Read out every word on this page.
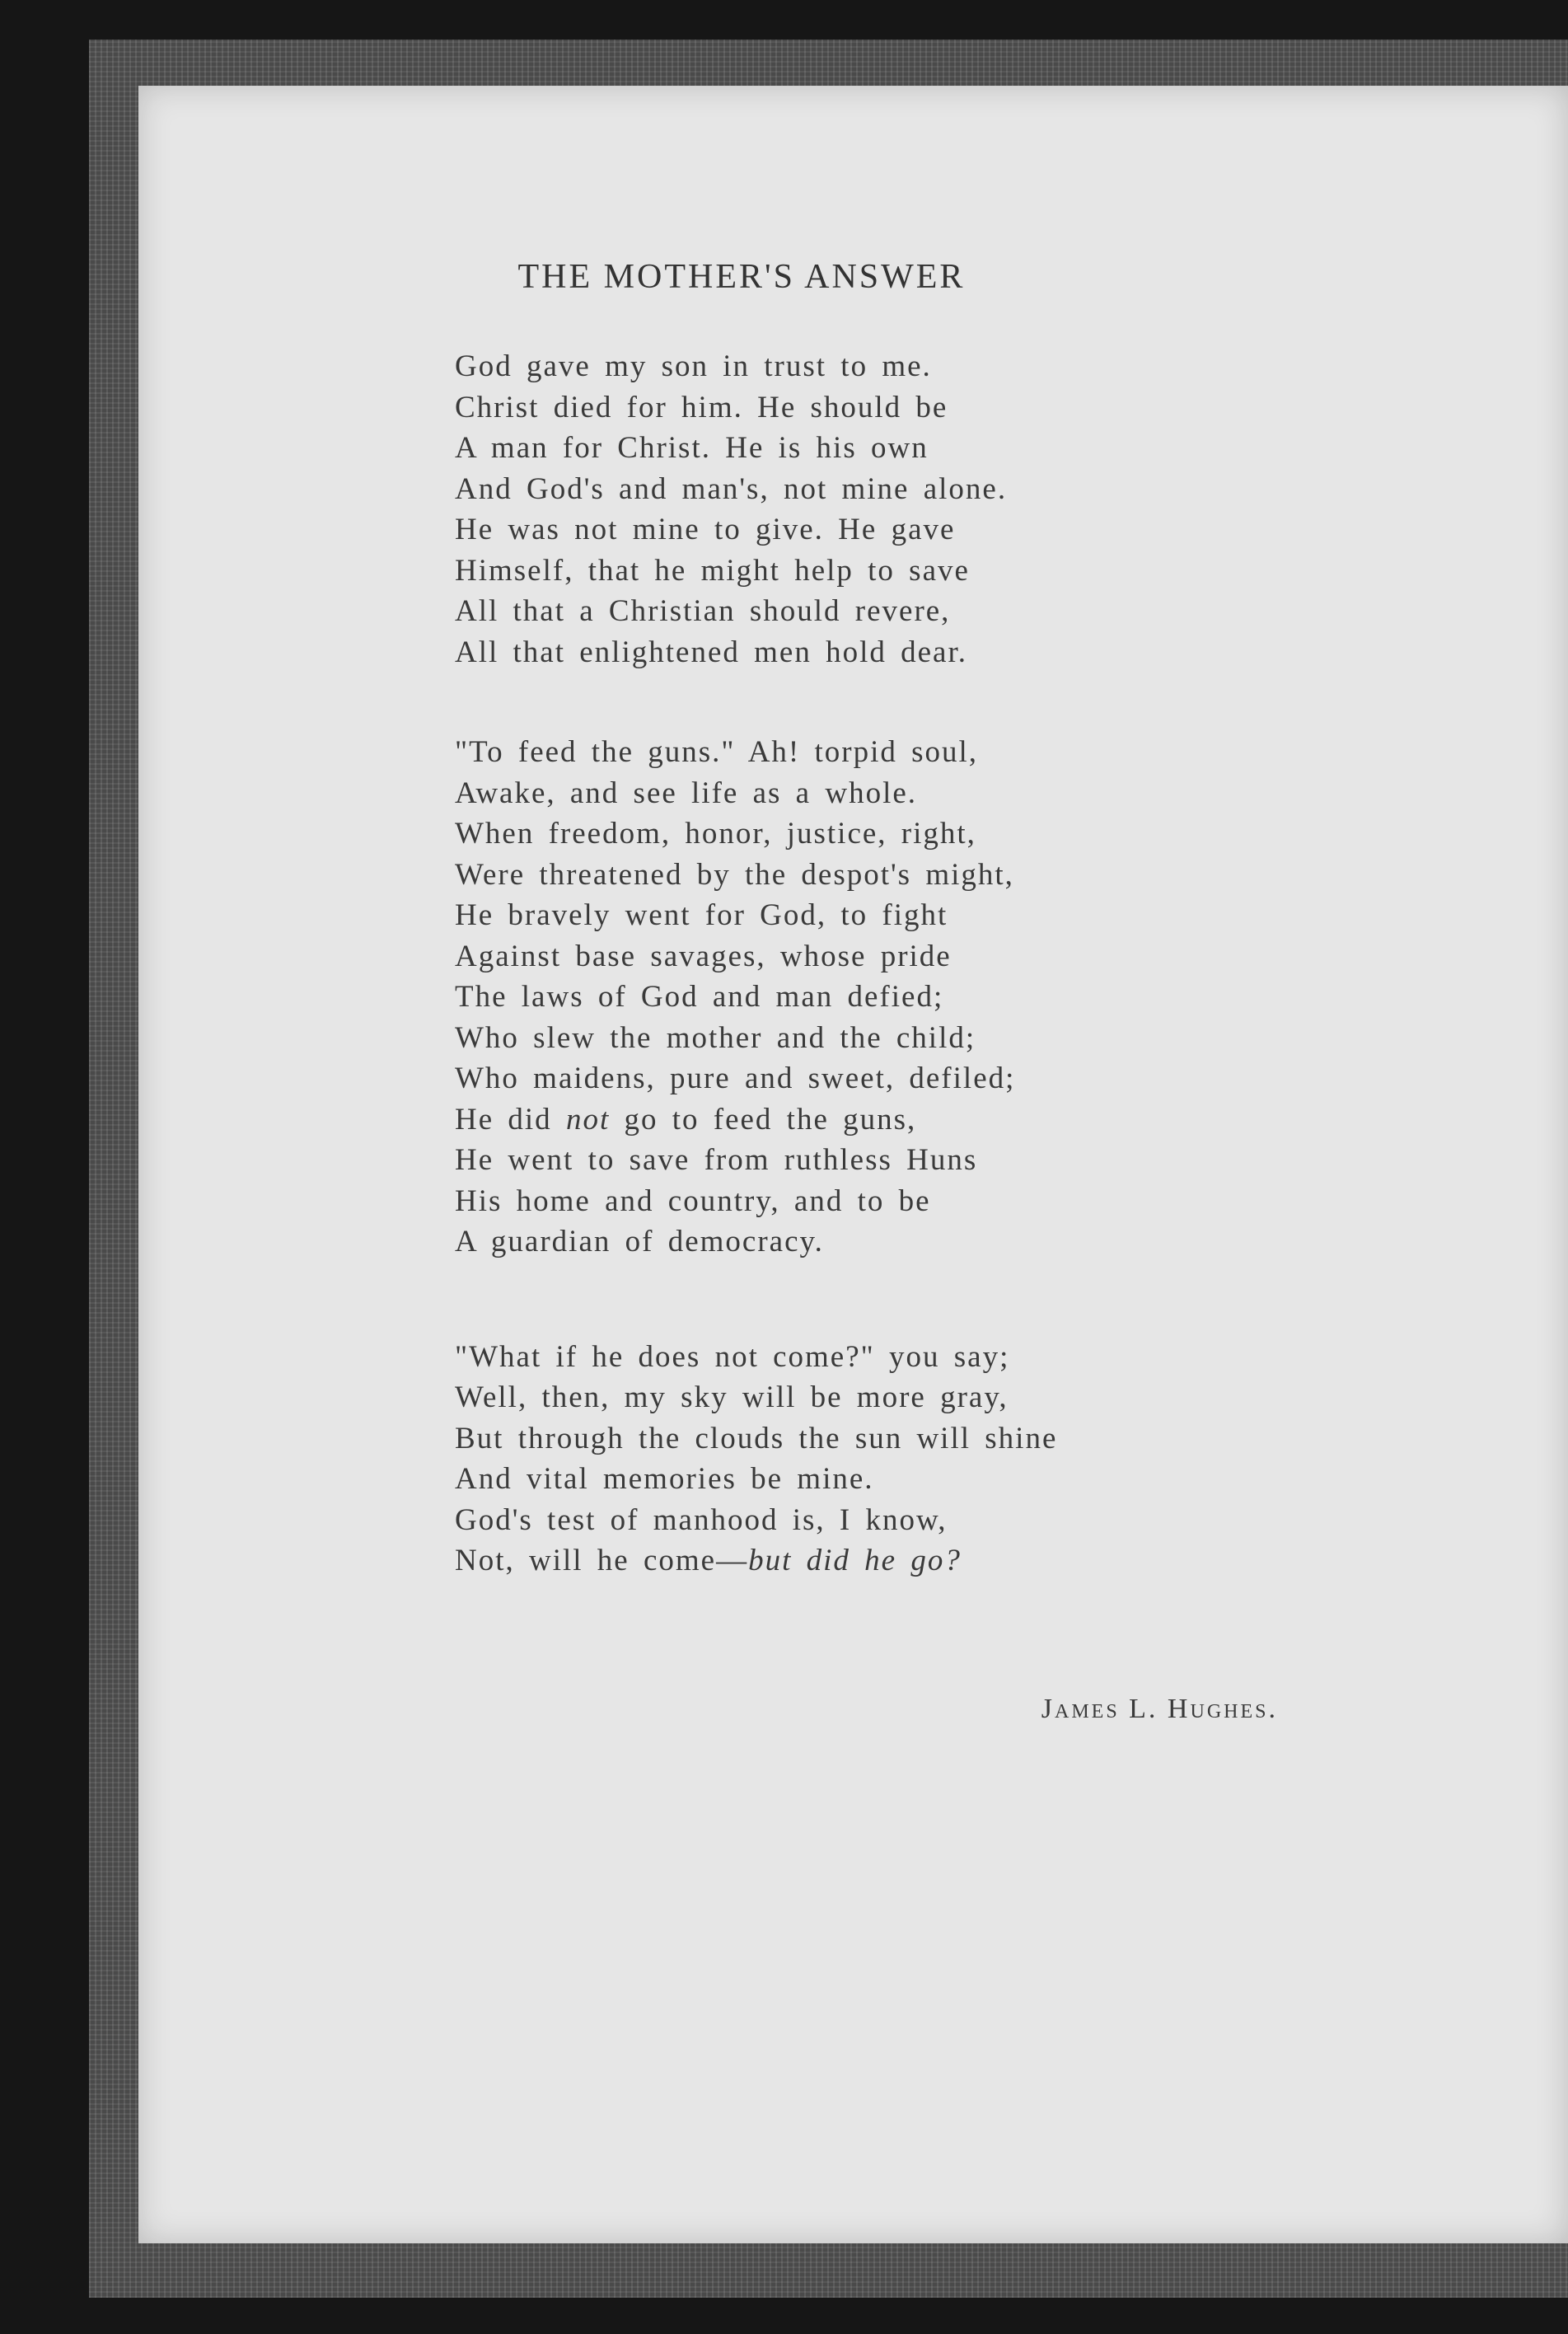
THE MOTHER'S ANSWER
God gave my son in trust to me.
Christ died for him. He should be
A man for Christ. He is his own
And God's and man's, not mine alone.
He was not mine to give. He gave
Himself, that he might help to save
All that a Christian should revere,
All that enlightened men hold dear.
"To feed the guns." Ah! torpid soul,
Awake, and see life as a whole.
When freedom, honor, justice, right,
Were threatened by the despot's might,
He bravely went for God, to fight
Against base savages, whose pride
The laws of God and man defied;
Who slew the mother and the child;
Who maidens, pure and sweet, defiled;
He did not go to feed the guns,
He went to save from ruthless Huns
His home and country, and to be
A guardian of democracy.
"What if he does not come?" you say;
Well, then, my sky will be more gray,
But through the clouds the sun will shine
And vital memories be mine.
God's test of manhood is, I know,
Not, will he come—but did he go?
James L. Hughes.
